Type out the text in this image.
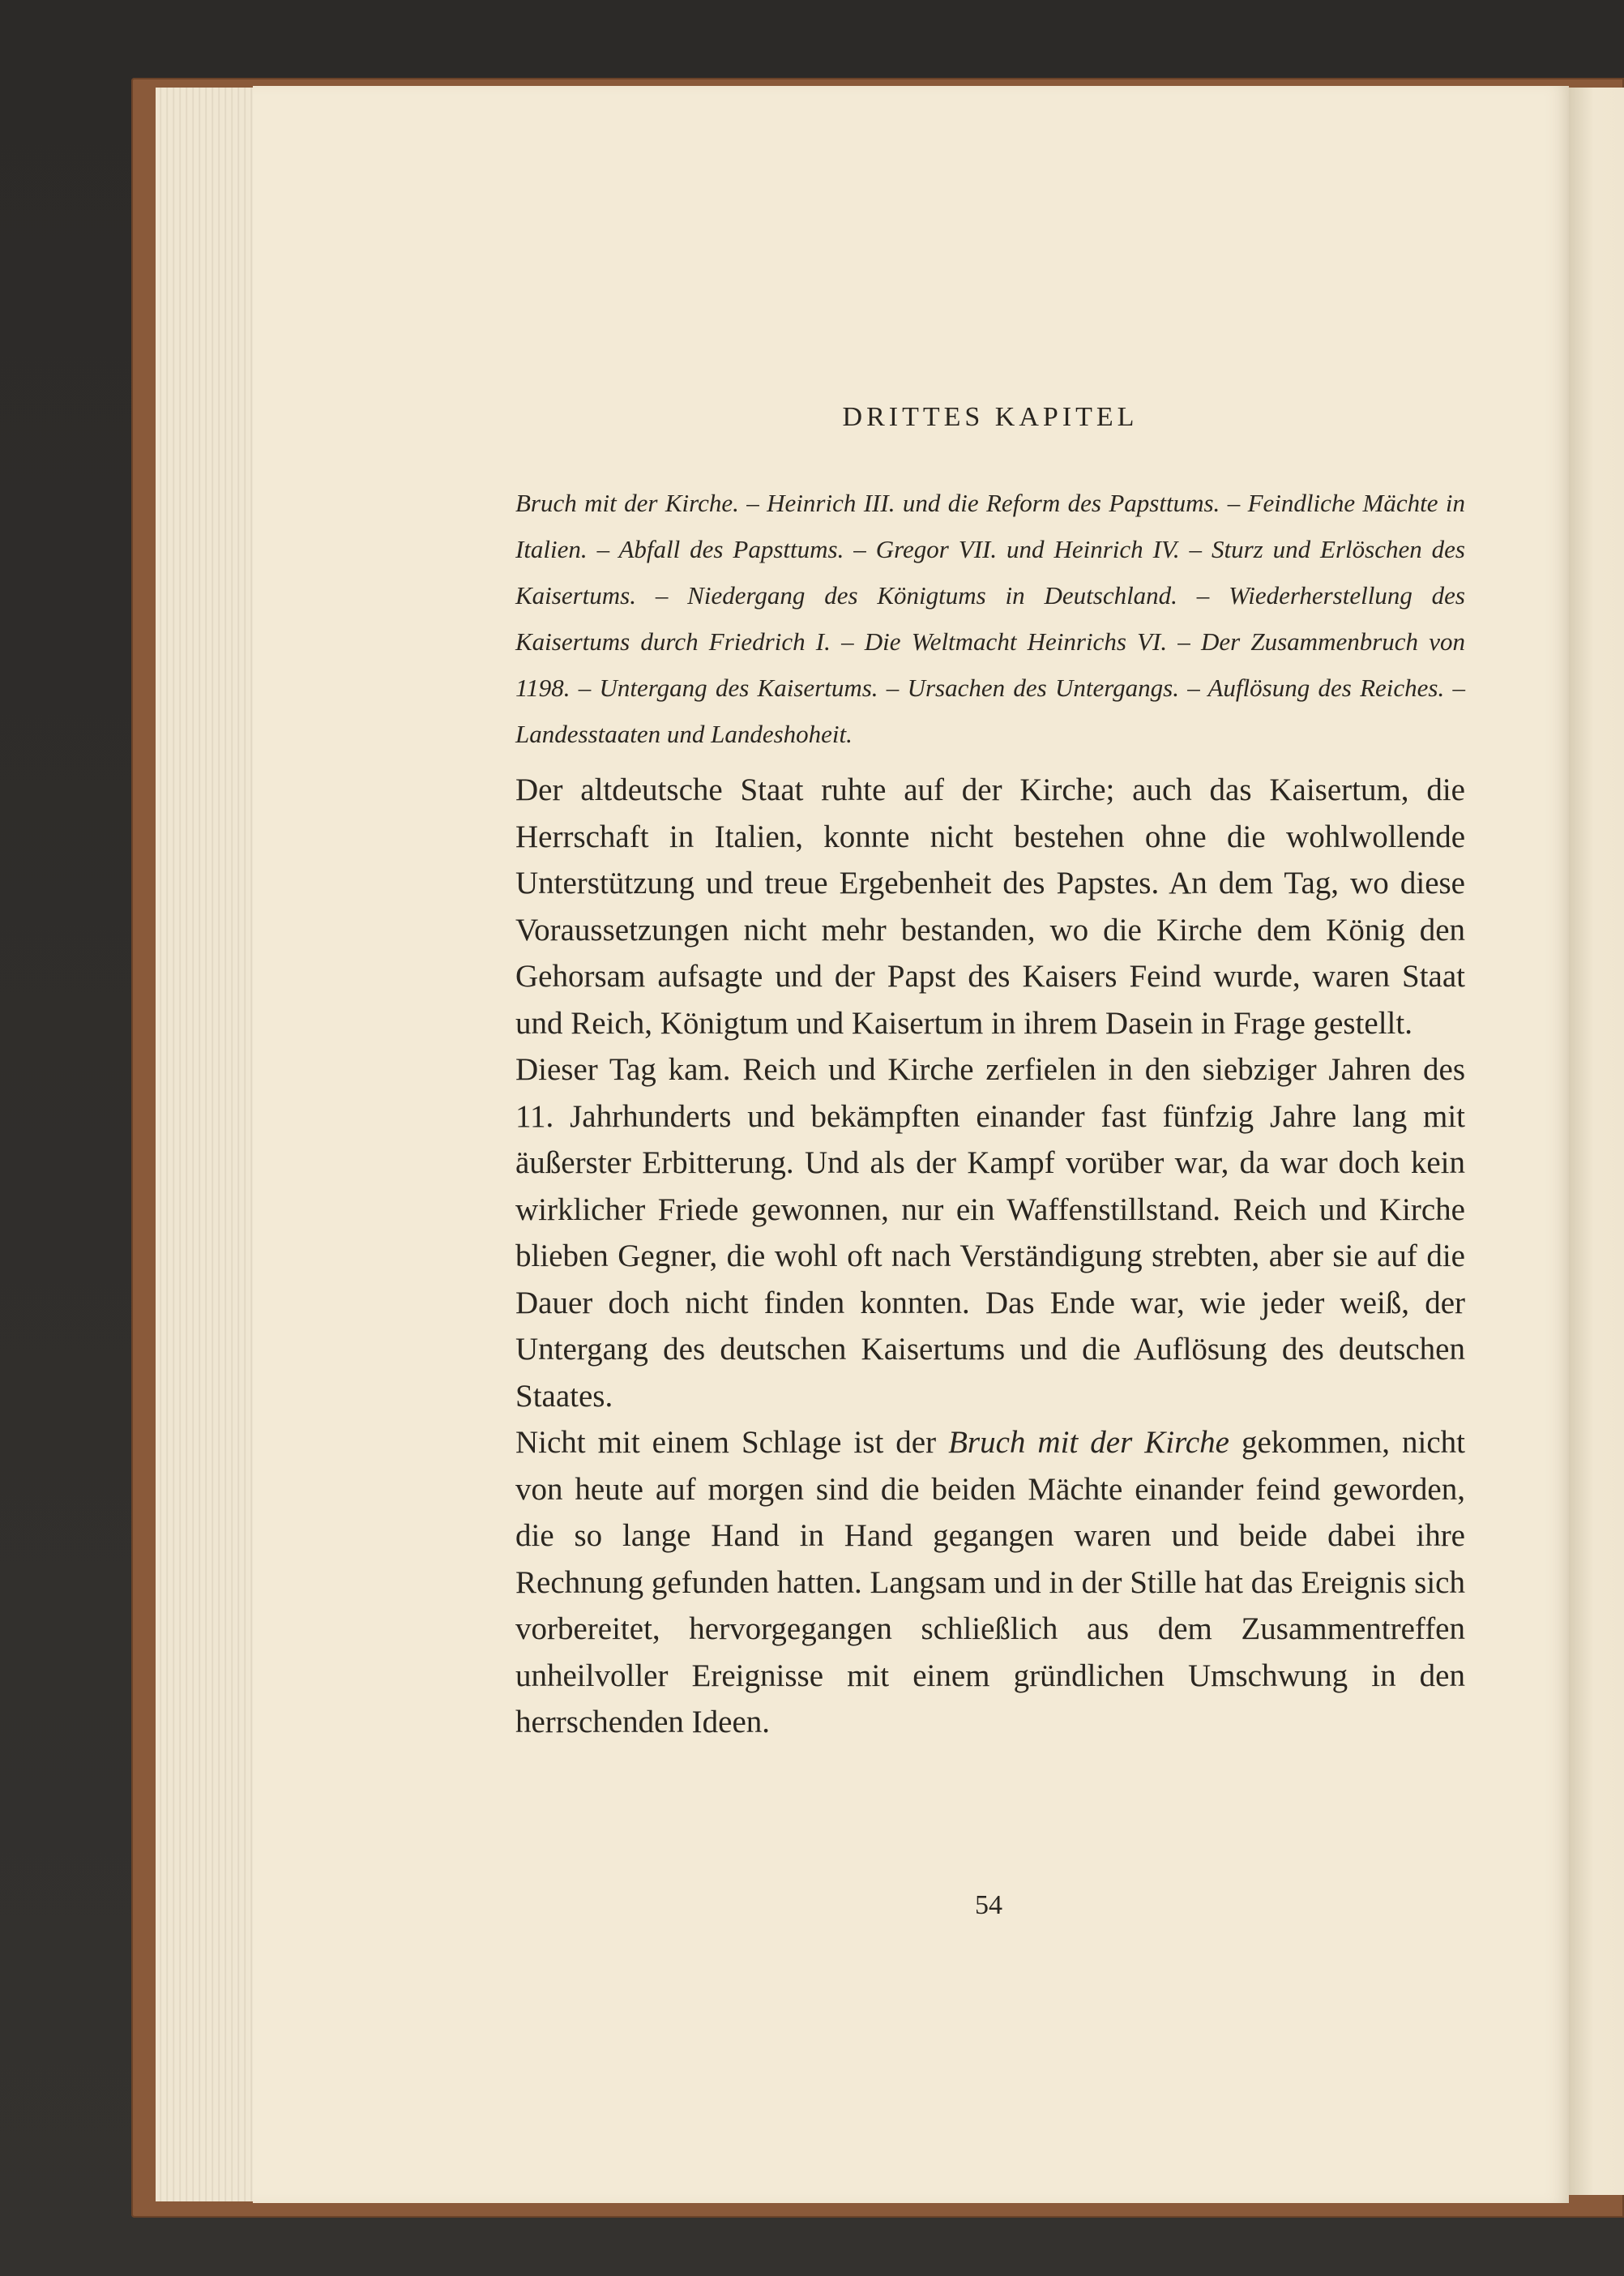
DRITTES KAPITEL

Bruch mit der Kirche. – Heinrich III. und die Reform des Papsttums. – Feindliche Mächte in Italien. – Abfall des Papsttums. – Gregor VII. und Heinrich IV. – Sturz und Erlöschen des Kaisertums. – Niedergang des Königtums in Deutschland. – Wiederherstellung des Kaisertums durch Friedrich I. – Die Weltmacht Heinrichs VI. – Der Zusammenbruch von 1198. – Untergang des Kaisertums. – Ursachen des Untergangs. – Auflösung des Reiches. – Landesstaaten und Landeshoheit.

Der altdeutsche Staat ruhte auf der Kirche; auch das Kaisertum, die Herrschaft in Italien, konnte nicht bestehen ohne die wohlwollende Unterstützung und treue Ergebenheit des Papstes. An dem Tag, wo diese Voraussetzungen nicht mehr bestanden, wo die Kirche dem König den Gehorsam aufsagte und der Papst des Kaisers Feind wurde, waren Staat und Reich, Königtum und Kaisertum in ihrem Dasein in Frage gestellt.

Dieser Tag kam. Reich und Kirche zerfielen in den siebziger Jahren des 11. Jahrhunderts und bekämpften einander fast fünfzig Jahre lang mit äußerster Erbitterung. Und als der Kampf vorüber war, da war doch kein wirklicher Friede gewonnen, nur ein Waffenstillstand. Reich und Kirche blieben Gegner, die wohl oft nach Verständigung strebten, aber sie auf die Dauer doch nicht finden konnten. Das Ende war, wie jeder weiß, der Untergang des deutschen Kaisertums und die Auflösung des deutschen Staates.

Nicht mit einem Schlage ist der Bruch mit der Kirche gekommen, nicht von heute auf morgen sind die beiden Mächte einander feind geworden, die so lange Hand in Hand gegangen waren und beide dabei ihre Rechnung gefunden hatten. Langsam und in der Stille hat das Ereignis sich vorbereitet, hervorgegangen schließlich aus dem Zusammentreffen unheilvoller Ereignisse mit einem gründlichen Umschwung in den herrschenden Ideen.

54
